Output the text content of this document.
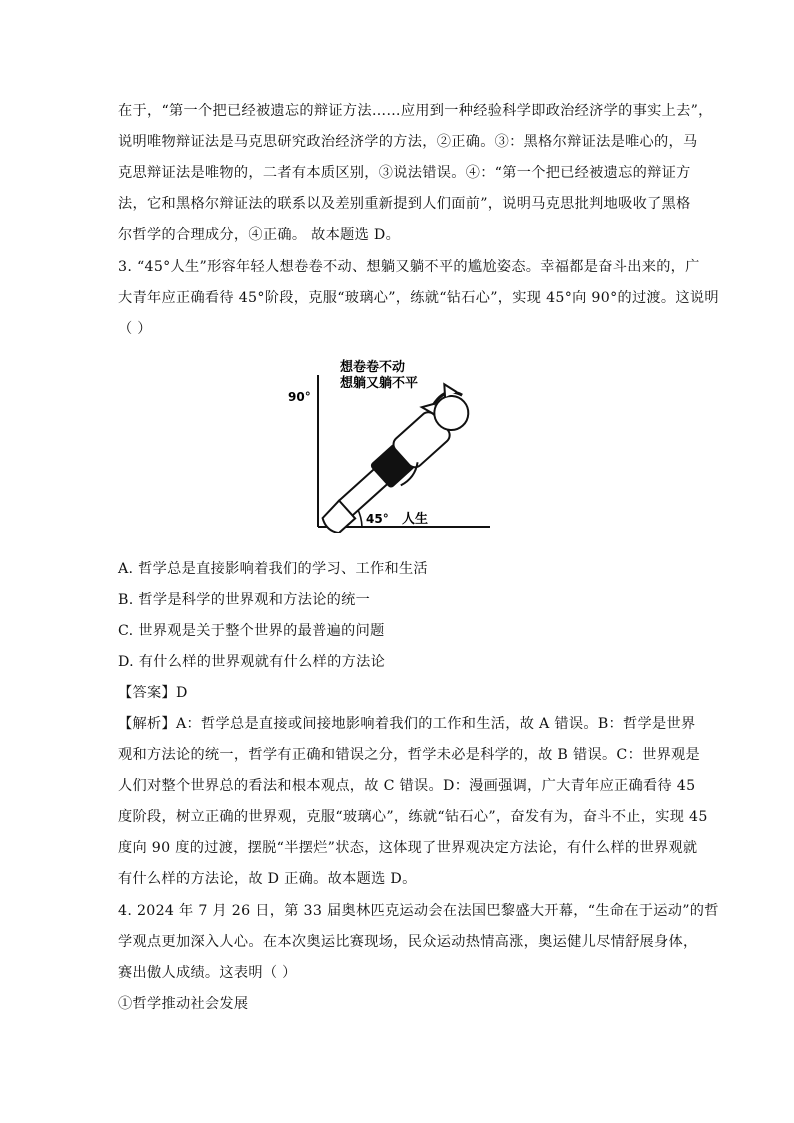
在于，“第一个把已经被遗忘的辩证方法……应用到一种经验科学即政治经济学的事实上去”，
说明唯物辩证法是马克思研究政治经济学的方法，②正确。③：黑格尔辩证法是唯心的，马
克思辩证法是唯物的，二者有本质区别，③说法错误。④：“第一个把已经被遗忘的辩证方
法，它和黑格尔辩证法的联系以及差别重新提到人们面前”，说明马克思批判地吸收了黑格
尔哲学的合理成分，④正确。 故本题选 D。
3. “45°人生”形容年轻人想卷卷不动、想躺又躺不平的尴尬姿态。幸福都是奋斗出来的，广
大青年应正确看待 45°阶段，克服“玻璃心”，练就“钻石心”，实现 45°向 90°的过渡。这说明
（ ）
想卷卷不动
想躺又躺不平
90°
45° 人生
A. 哲学总是直接影响着我们的学习、工作和生活
B. 哲学是科学的世界观和方法论的统一
C. 世界观是关于整个世界的最普遍的问题
D. 有什么样的世界观就有什么样的方法论
【答案】D
【解析】A：哲学总是直接或间接地影响着我们的工作和生活，故 A 错误。B：哲学是世界
观和方法论的统一，哲学有正确和错误之分，哲学未必是科学的，故 B 错误。C：世界观是
人们对整个世界总的看法和根本观点，故 C 错误。D：漫画强调，广大青年应正确看待 45
度阶段，树立正确的世界观，克服“玻璃心”，练就“钻石心”，奋发有为，奋斗不止，实现 45
度向 90 度的过渡，摆脱“半摆烂”状态，这体现了世界观决定方法论，有什么样的世界观就
有什么样的方法论，故 D 正确。故本题选 D。
4. 2024 年 7 月 26 日，第 33 届奥林匹克运动会在法国巴黎盛大开幕，“生命在于运动”的哲
学观点更加深入人心。在本次奥运比赛现场，民众运动热情高涨，奥运健儿尽情舒展身体，
赛出傲人成绩。这表明（ ）
①哲学推动社会发展
